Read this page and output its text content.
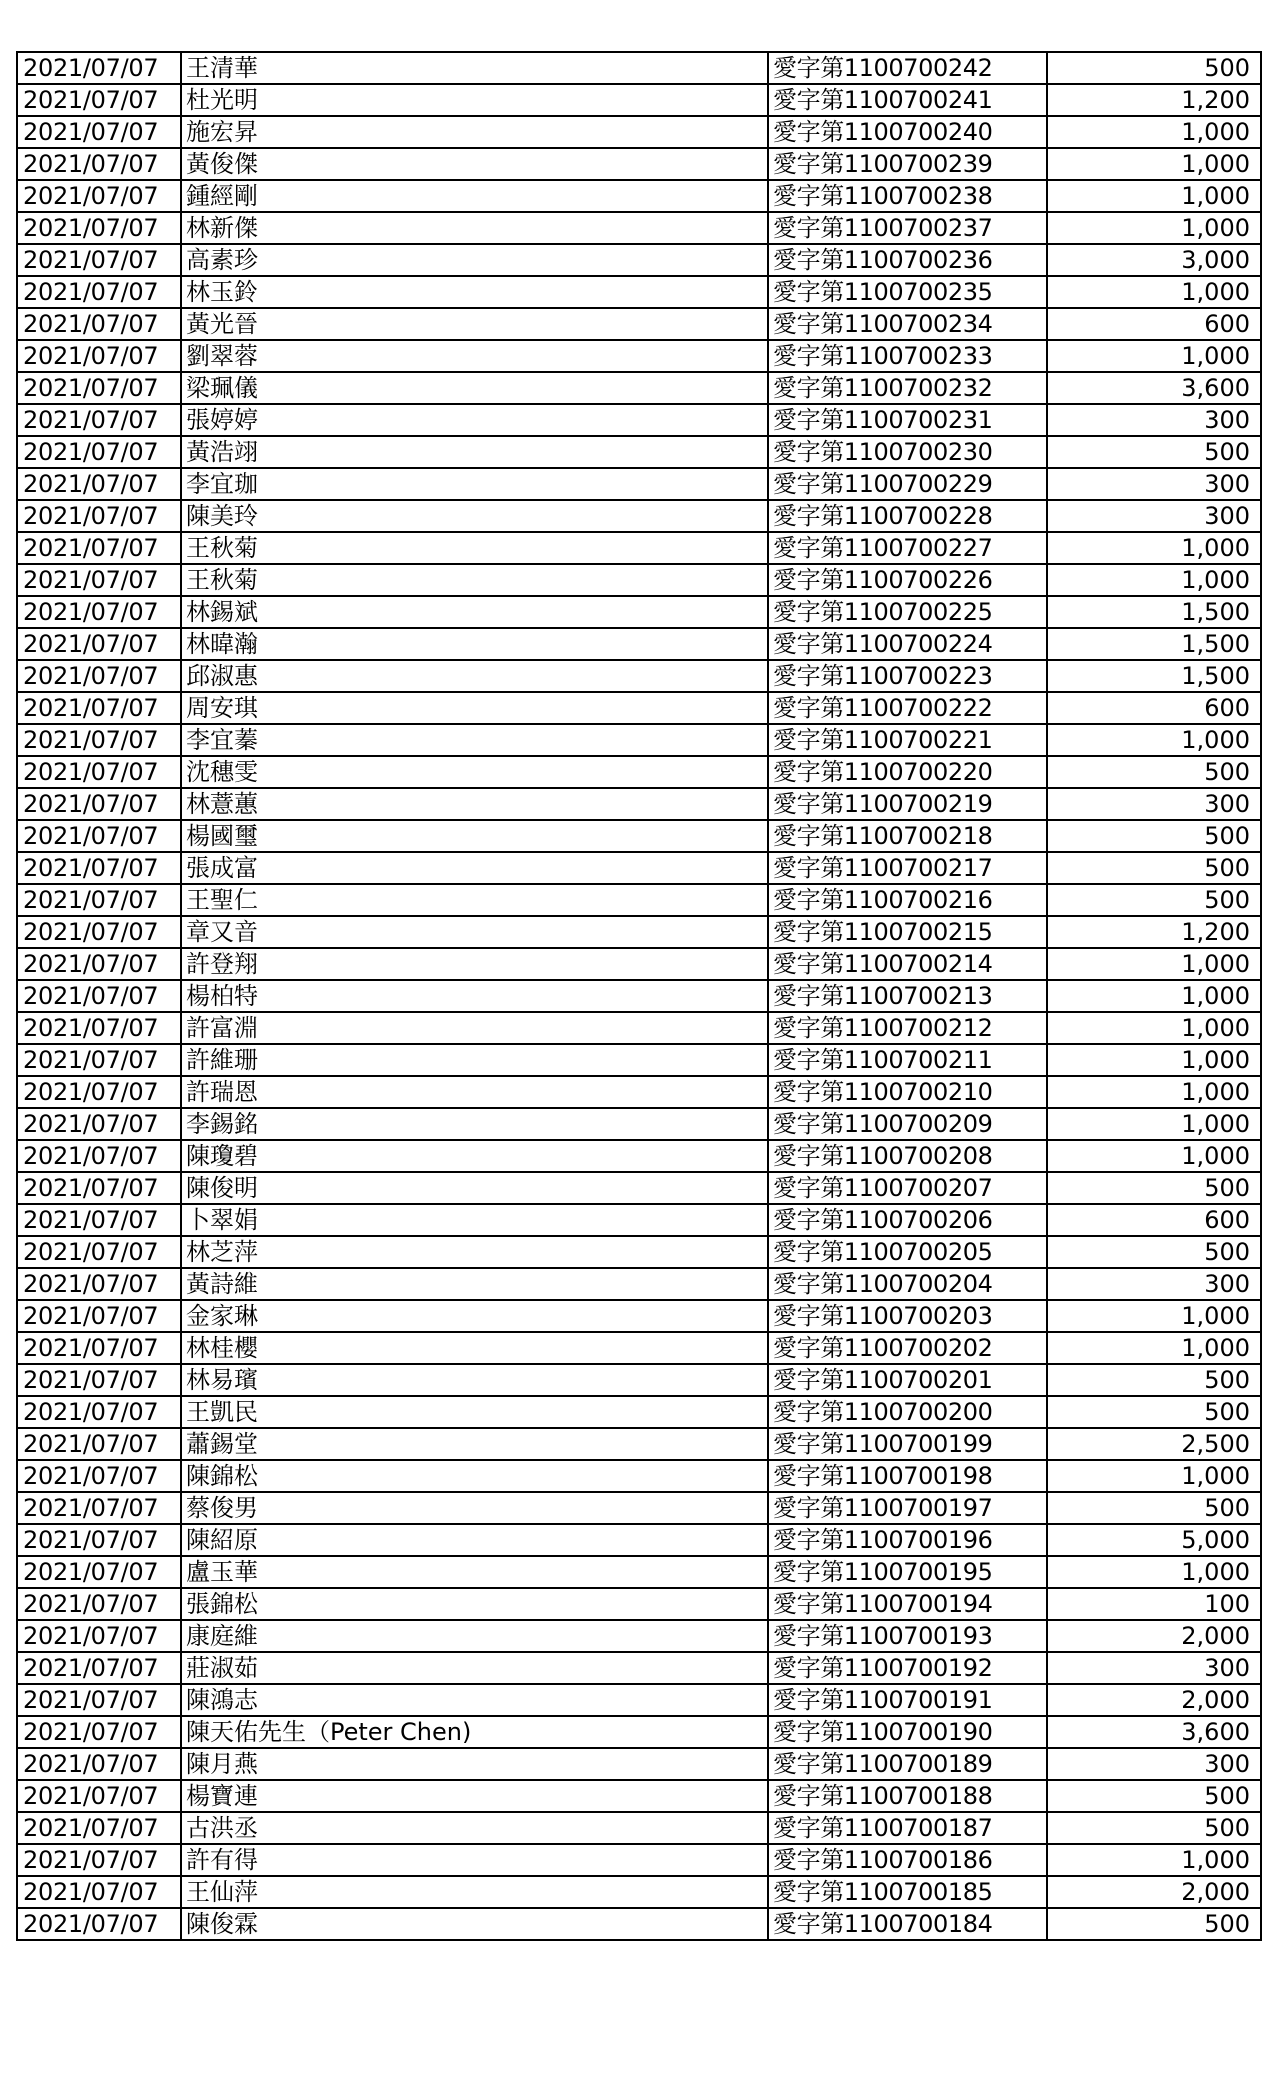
2021/07/07	王清華	愛字第1100700242	500
2021/07/07	杜光明	愛字第1100700241	1,200
2021/07/07	施宏昇	愛字第1100700240	1,000
2021/07/07	黃俊傑	愛字第1100700239	1,000
2021/07/07	鍾經剛	愛字第1100700238	1,000
2021/07/07	林新傑	愛字第1100700237	1,000
2021/07/07	高素珍	愛字第1100700236	3,000
2021/07/07	林玉鈴	愛字第1100700235	1,000
2021/07/07	黃光晉	愛字第1100700234	600
2021/07/07	劉翠蓉	愛字第1100700233	1,000
2021/07/07	梁珮儀	愛字第1100700232	3,600
2021/07/07	張婷婷	愛字第1100700231	300
2021/07/07	黃浩翊	愛字第1100700230	500
2021/07/07	李宜珈	愛字第1100700229	300
2021/07/07	陳美玲	愛字第1100700228	300
2021/07/07	王秋菊	愛字第1100700227	1,000
2021/07/07	王秋菊	愛字第1100700226	1,000
2021/07/07	林錫斌	愛字第1100700225	1,500
2021/07/07	林暐瀚	愛字第1100700224	1,500
2021/07/07	邱淑惠	愛字第1100700223	1,500
2021/07/07	周安琪	愛字第1100700222	600
2021/07/07	李宜蓁	愛字第1100700221	1,000
2021/07/07	沈穗雯	愛字第1100700220	500
2021/07/07	林薏蕙	愛字第1100700219	300
2021/07/07	楊國璽	愛字第1100700218	500
2021/07/07	張成富	愛字第1100700217	500
2021/07/07	王聖仁	愛字第1100700216	500
2021/07/07	章又音	愛字第1100700215	1,200
2021/07/07	許登翔	愛字第1100700214	1,000
2021/07/07	楊柏特	愛字第1100700213	1,000
2021/07/07	許富淵	愛字第1100700212	1,000
2021/07/07	許維珊	愛字第1100700211	1,000
2021/07/07	許瑞恩	愛字第1100700210	1,000
2021/07/07	李錫銘	愛字第1100700209	1,000
2021/07/07	陳瓊碧	愛字第1100700208	1,000
2021/07/07	陳俊明	愛字第1100700207	500
2021/07/07	卜翠娟	愛字第1100700206	600
2021/07/07	林芝萍	愛字第1100700205	500
2021/07/07	黃詩維	愛字第1100700204	300
2021/07/07	金家琳	愛字第1100700203	1,000
2021/07/07	林桂櫻	愛字第1100700202	1,000
2021/07/07	林易璸	愛字第1100700201	500
2021/07/07	王凱民	愛字第1100700200	500
2021/07/07	蕭錫堂	愛字第1100700199	2,500
2021/07/07	陳錦松	愛字第1100700198	1,000
2021/07/07	蔡俊男	愛字第1100700197	500
2021/07/07	陳紹原	愛字第1100700196	5,000
2021/07/07	盧玉華	愛字第1100700195	1,000
2021/07/07	張錦松	愛字第1100700194	100
2021/07/07	康庭維	愛字第1100700193	2,000
2021/07/07	莊淑茹	愛字第1100700192	300
2021/07/07	陳鴻志	愛字第1100700191	2,000
2021/07/07	陳天佑先生（Peter Chen)	愛字第1100700190	3,600
2021/07/07	陳月燕	愛字第1100700189	300
2021/07/07	楊寶連	愛字第1100700188	500
2021/07/07	古洪丞	愛字第1100700187	500
2021/07/07	許有得	愛字第1100700186	1,000
2021/07/07	王仙萍	愛字第1100700185	2,000
2021/07/07	陳俊霖	愛字第1100700184	500
